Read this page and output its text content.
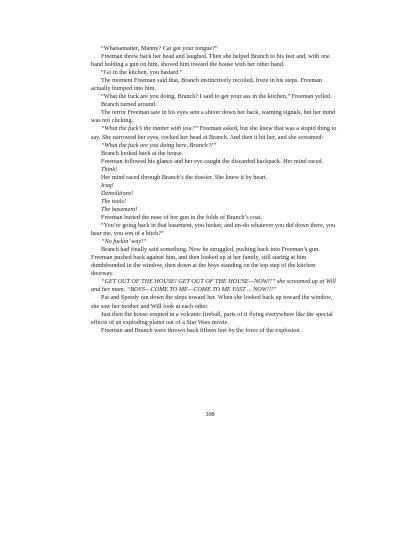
“Whatsamatter, Manny? Cat got your tongue?”

Freeman threw back her head and laughed. Then she helped Branch to his feet and, with one hand holding a gun on him, shoved him toward the house with her other hand.

“Go in the kitchen, you bastard.”

The moment Freeman said that, Branch instinctively recoiled, froze in his steps. Freeman actually bumped into him.

“What the fuck are you doing, Branch? I said to get your ass in the kitchen,” Freeman yelled.

Branch turned around.

The terror Freeman saw in his eyes sent a shiver down her back, warning signals, but her mind was not clicking.

“What the fuck’s the matter with you?” Freeman asked, but she knew that was a stupid thing to say. She narrowed her eyes, cocked her head at Branch. And then it hit her, and she screamed:

“What the fuck are you doing here, Branch?!”

Branch looked back at the house.

Freeman followed his glance and her eye caught the discarded backpack. Her mind raced.

Think!

Her mind raced through Branch’s the dossier. She knew it by heart.

Iraq!

Demolitions!

The tools!

The basement!

Freeman buried the nose of her gun in the folds of Branch’s coat.

“You’re going back in that basement, you fucker, and un-do whatever you did down there, you hear me, you son of a bitch?”

“No fuckin’ way!”

Branch had finally said something. Now he struggled, pushing back into Freeman’s gun. Freeman pushed back against him, and then looked up at her family, still staring at him dumbfounded in the window, then down at the boys standing on the top step of the kitchen doorway.

“GET OUT OF THE HOUSE! GET OUT OF THE HOUSE—NOW!!” she screamed up at Will and her mom. “BOYS—COME TO ME—COME TO ME FAST ... NOW!!!”

Pat and Speedy ran down the steps toward her. When she looked back up toward the window, she saw her mother and Will look at each other.

Just then the house erupted in a volcanic fireball, parts of it flying everywhere like the special effects of an exploding planet out of a Star Wars movie.

Freeman and Branch were thrown back fifteen feet by the force of the explosion.

308
